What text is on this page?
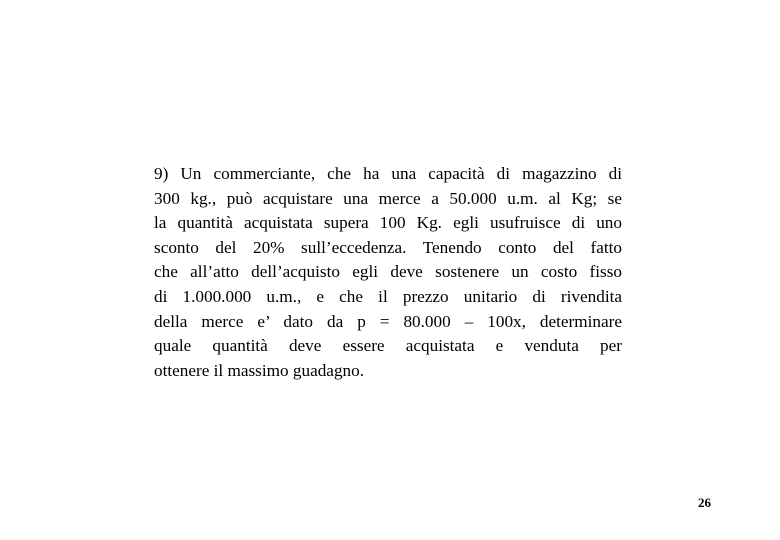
9) Un commerciante, che ha una capacità di magazzino di
300 kg., può acquistare una merce a 50.000 u.m. al Kg; se
la quantità acquistata supera 100 Kg. egli usufruisce di uno
sconto del 20% sull’eccedenza. Tenendo conto del fatto
che all’atto dell’acquisto egli deve sostenere un costo fisso
di 1.000.000 u.m., e che il prezzo unitario di rivendita
della merce e’ dato da p = 80.000 – 100x, determinare
quale quantità deve essere acquistata e venduta per
ottenere il massimo guadagno.
26
